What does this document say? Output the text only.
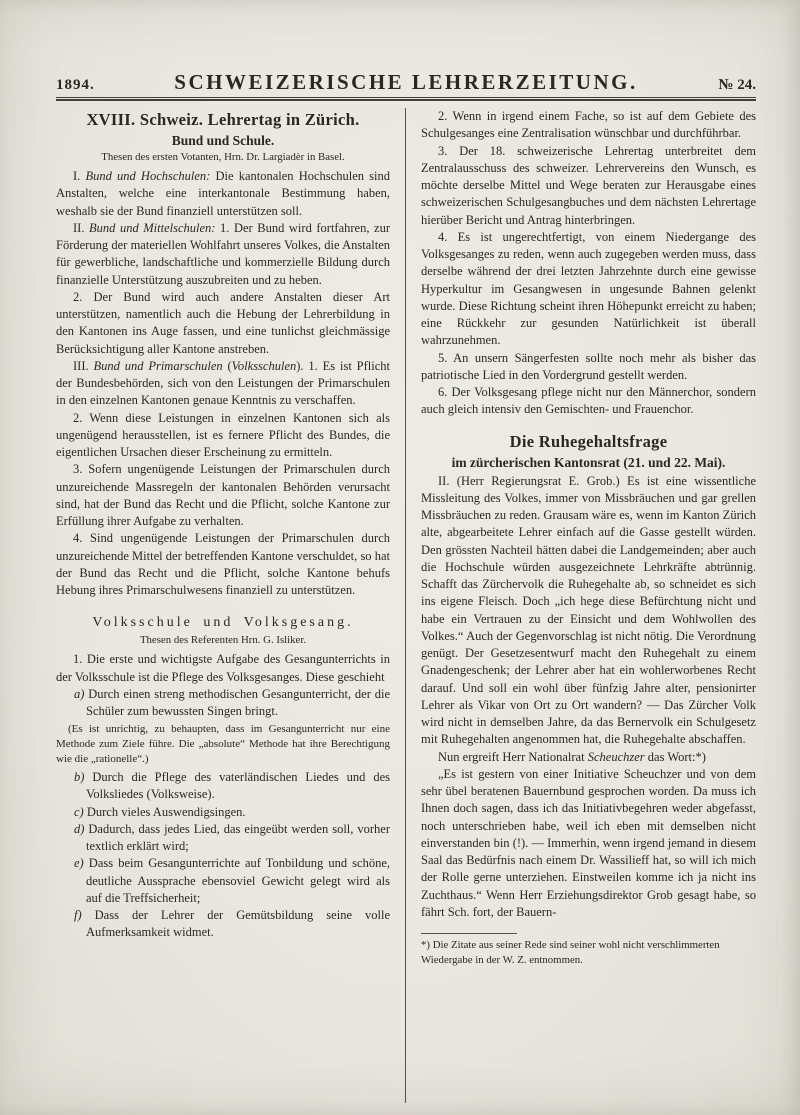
1894.	SCHWEIZERISCHE LEHRERZEITUNG.	№ 24.
XVIII. Schweiz. Lehrertag in Zürich.
Bund und Schule.

Thesen des ersten Votanten, Hrn. Dr. Largiadèr in Basel.

I. Bund und Hochschulen: Die kantonalen Hochschulen sind Anstalten, welche eine interkantonale Bestimmung haben, weshalb sie der Bund finanziell unterstützen soll.

II. Bund und Mittelschulen: 1. Der Bund wird fortfahren, zur Förderung der materiellen Wohlfahrt unseres Volkes, die Anstalten für gewerbliche, landschaftliche und kommerzielle Bildung durch finanzielle Unterstützung auszubreiten und zu heben.

2. Der Bund wird auch andere Anstalten dieser Art unterstützen, namentlich auch die Hebung der Lehrerbildung in den Kantonen ins Auge fassen, und eine tunlichst gleichmässige Berücksichtigung aller Kantone anstreben.

III. Bund und Primarschulen (Volksschulen). 1. Es ist Pflicht der Bundesbehörden, sich von den Leistungen der Primarschulen in den einzelnen Kantonen genaue Kenntnis zu verschaffen.

2. Wenn diese Leistungen in einzelnen Kantonen sich als ungenügend herausstellen, ist es fernere Pflicht des Bundes, die eigentlichen Ursachen dieser Erscheinung zu ermitteln.

3. Sofern ungenügende Leistungen der Primarschulen durch unzureichende Massregeln der kantonalen Behörden verursacht sind, hat der Bund das Recht und die Pflicht, solche Kantone zur Erfüllung ihrer Aufgabe zu verhalten.

4. Sind ungenügende Leistungen der Primarschulen durch unzureichende Mittel der betreffenden Kantone verschuldet, so hat der Bund das Recht und die Pflicht, solche Kantone behufs Hebung ihres Primarschulwesens finanziell zu unterstützen.

Volksschule und Volksgesang.

Thesen des Referenten Hrn. G. Isliker.

1. Die erste und wichtigste Aufgabe des Gesangunterrichts in der Volksschule ist die Pflege des Volksgesanges. Diese geschieht

a) Durch einen streng methodischen Gesangunterricht, der die Schüler zum bewussten Singen bringt.

(Es ist unrichtig, zu behaupten, dass im Gesangunterricht nur eine Methode zum Ziele führe. Die „absolute“ Methode hat ihre Berechtigung wie die „rationelle“.)

b) Durch die Pflege des vaterländischen Liedes und des Volksliedes (Volksweise).

c) Durch vieles Auswendigsingen.

d) Dadurch, dass jedes Lied, das eingeübt werden soll, vorher textlich erklärt wird;

e) Dass beim Gesangunterrichte auf Tonbildung und schöne, deutliche Aussprache ebensoviel Gewicht gelegt wird als auf die Treffsicherheit;

f) Dass der Lehrer der Gemütsbildung seine volle Aufmerksamkeit widmet.

2. Wenn in irgend einem Fache, so ist auf dem Gebiete des Schulgesanges eine Zentralisation wünschbar und durchführbar.

3. Der 18. schweizerische Lehrertag unterbreitet dem Zentralausschuss des schweizer. Lehrervereins den Wunsch, es möchte derselbe Mittel und Wege beraten zur Herausgabe eines schweizerischen Schulgesangbuches und dem nächsten Lehrertage hierüber Bericht und Antrag hinterbringen.

4. Es ist ungerechtfertigt, von einem Niedergange des Volksgesanges zu reden, wenn auch zugegeben werden muss, dass derselbe während der drei letzten Jahrzehnte durch eine gewisse Hyperkultur im Gesangwesen in ungesunde Bahnen gelenkt wurde. Diese Richtung scheint ihren Höhepunkt erreicht zu haben; eine Rückkehr zur gesunden Natürlichkeit ist überall wahrzunehmen.

5. An unsern Sängerfesten sollte noch mehr als bisher das patriotische Lied in den Vordergrund gestellt werden.

6. Der Volksgesang pflege nicht nur den Männerchor, sondern auch gleich intensiv den Gemischten- und Frauenchor.

Die Ruhegehaltsfrage
im zürcherischen Kantonsrat (21. und 22. Mai).

II. (Herr Regierungsrat E. Grob.) Es ist eine wissentliche Missleitung des Volkes, immer von Missbräuchen und gar grellen Missbräuchen zu reden. Grausam wäre es, wenn im Kanton Zürich alte, abgearbeitete Lehrer einfach auf die Gasse gestellt würden. Den grössten Nachteil hätten dabei die Landgemeinden; aber auch die Hochschule würden ausgezeichnete Lehrkräfte abtrünnig. Schafft das Zürchervolk die Ruhegehalte ab, so schneidet es sich ins eigene Fleisch. Doch „ich hege diese Befürchtung nicht und habe ein Vertrauen zu der Einsicht und dem Wohlwollen des Volkes.“ Auch der Gegenvorschlag ist nicht nötig. Die Verordnung genügt. Der Gesetzesentwurf macht den Ruhegehalt zu einem Gnadengeschenk; der Lehrer aber hat ein wohlerworbenes Recht darauf. Und soll ein wohl über fünfzig Jahre alter, pensionirter Lehrer als Vikar von Ort zu Ort wandern? — Das Zürcher Volk wird nicht in demselben Jahre, da das Bernervolk ein Schulgesetz mit Ruhegehalten angenommen hat, die Ruhegehalte abschaffen.

Nun ergreift Herr Nationalrat Scheuchzer das Wort:*)

„Es ist gestern von einer Initiative Scheuchzer und von dem sehr übel beratenen Bauernbund gesprochen worden. Da muss ich Ihnen doch sagen, dass ich das Initiativbegehren weder abgefasst, noch unterschrieben habe, weil ich eben mit demselben nicht einverstanden bin (!). — Immerhin, wenn irgend jemand in diesem Saal das Bedürfnis nach einem Dr. Wassilieff hat, so will ich mich der Rolle gerne unterziehen. Einstweilen komme ich ja nicht ins Zuchthaus.“ Wenn Herr Erziehungsdirektor Grob gesagt habe, so fährt Sch. fort, der Bauern-

*) Die Zitate aus seiner Rede sind seiner wohl nicht verschlimmerten Wiedergabe in der W. Z. entnommen.
